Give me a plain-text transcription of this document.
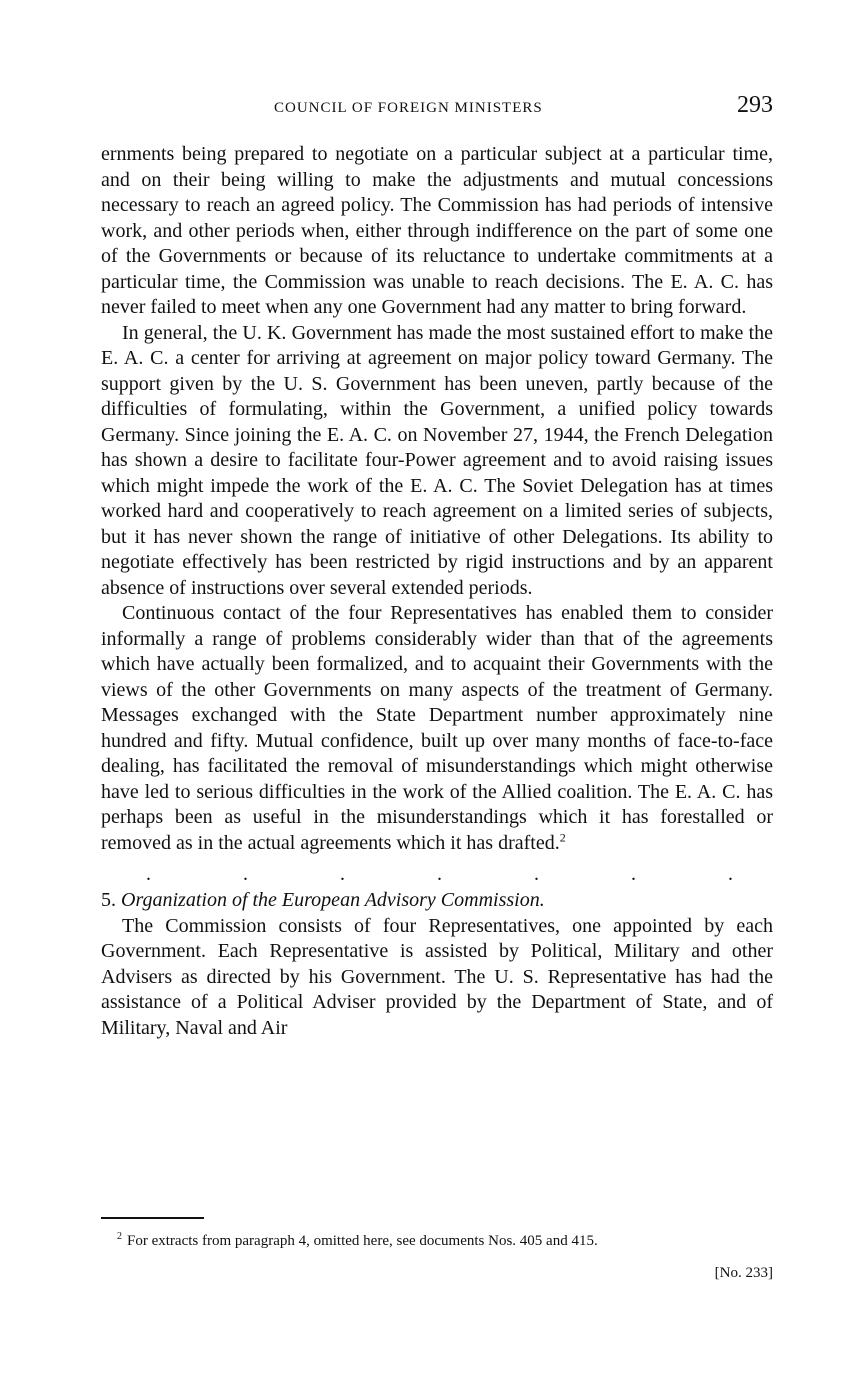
COUNCIL OF FOREIGN MINISTERS	293

ernments being prepared to negotiate on a particular subject at a particular time, and on their being willing to make the adjustments and mutual concessions necessary to reach an agreed policy. The Commission has had periods of intensive work, and other periods when, either through indifference on the part of some one of the Governments or because of its reluctance to undertake commitments at a particular time, the Commission was unable to reach decisions. The E. A. C. has never failed to meet when any one Government had any matter to bring forward.

In general, the U. K. Government has made the most sustained effort to make the E. A. C. a center for arriving at agreement on major policy toward Germany. The support given by the U. S. Government has been uneven, partly because of the difficulties of formulating, within the Government, a unified policy towards Germany. Since joining the E. A. C. on November 27, 1944, the French Delegation has shown a desire to facilitate four-Power agreement and to avoid raising issues which might impede the work of the E. A. C. The Soviet Delegation has at times worked hard and cooperatively to reach agreement on a limited series of subjects, but it has never shown the range of initiative of other Delegations. Its ability to negotiate effectively has been restricted by rigid instructions and by an apparent absence of instructions over several extended periods.

Continuous contact of the four Representatives has enabled them to consider informally a range of problems considerably wider than that of the agreements which have actually been formalized, and to acquaint their Governments with the views of the other Governments on many aspects of the treatment of Germany. Messages exchanged with the State Department number approximately nine hundred and fifty. Mutual confidence, built up over many months of face-to-face dealing, has facilitated the removal of misunderstandings which might otherwise have led to serious difficulties in the work of the Allied coalition. The E. A. C. has perhaps been as useful in the misunderstandings which it has forestalled or removed as in the actual agreements which it has drafted.$^2$

.	.	.	.	.	.	.

5. Organization of the European Advisory Commission.

The Commission consists of four Representatives, one appointed by each Government. Each Representative is assisted by Political, Military and other Advisers as directed by his Government. The U. S. Representative has had the assistance of a Political Adviser provided by the Department of State, and of Military, Naval and Air

$^2$ For extracts from paragraph 4, omitted here, see documents Nos. 405 and 415.
[No. 233]
